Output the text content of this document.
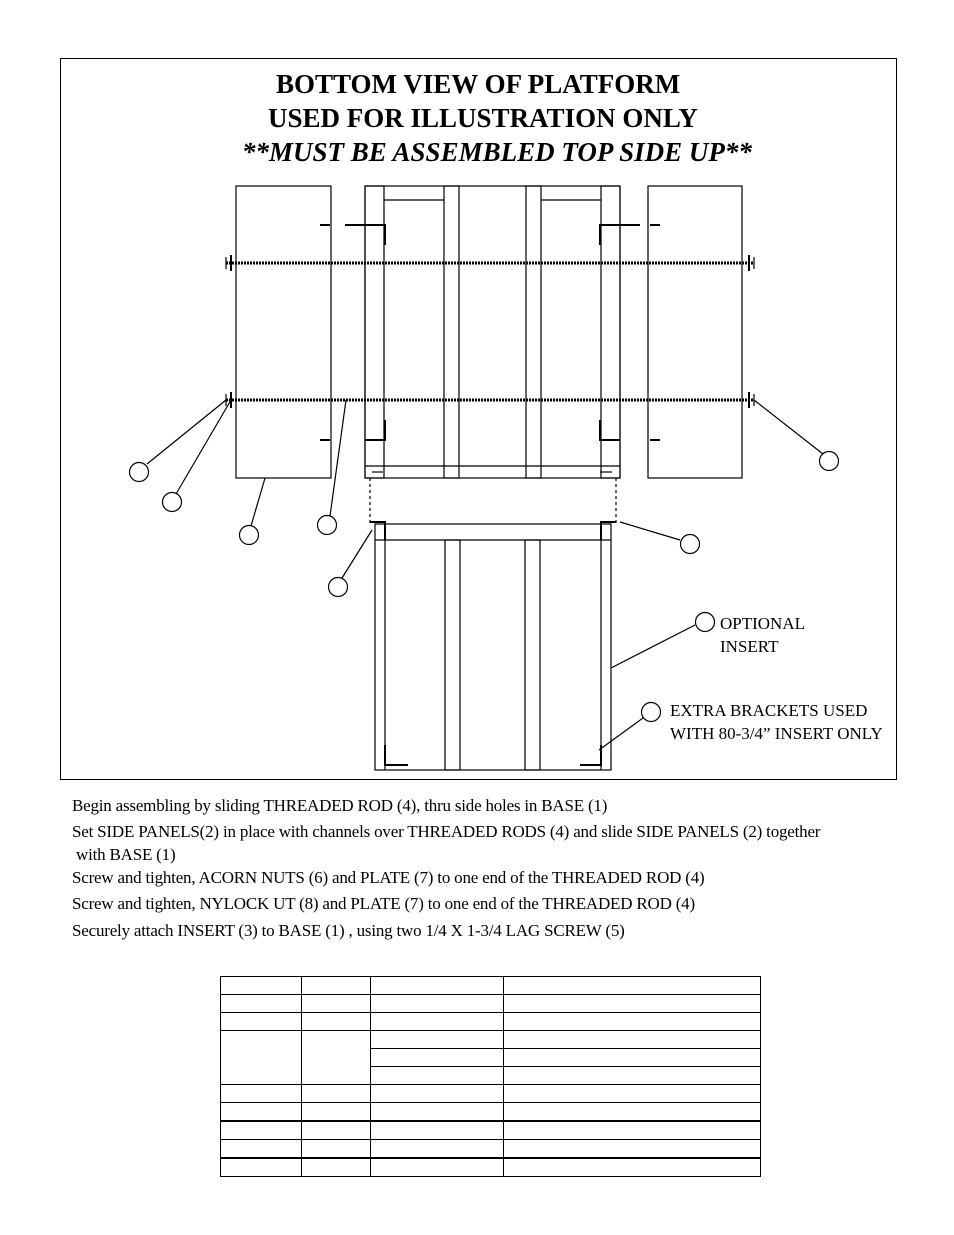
BOTTOM VIEW OF PLATFORM
USED FOR ILLUSTRATION ONLY
**MUST BE ASSEMBLED TOP SIDE UP**
OPTIONAL
INSERT
EXTRA BRACKETS USED
WITH 80-3/4” INSERT ONLY
Begin assembling by sliding THREADED ROD (4), thru side holes in BASE (1)
Set SIDE PANELS(2) in place with channels over THREADED RODS (4) and slide SIDE PANELS (2) together
with BASE (1)
Screw and tighten, ACORN NUTS (6) and PLATE (7) to one end of the THREADED ROD (4)
Screw and tighten, NYLOCK UT (8) and PLATE (7) to one end of the THREADED ROD (4)
Securely attach INSERT (3) to BASE (1) , using two 1/4 X 1-3/4 LAG SCREW (5)
